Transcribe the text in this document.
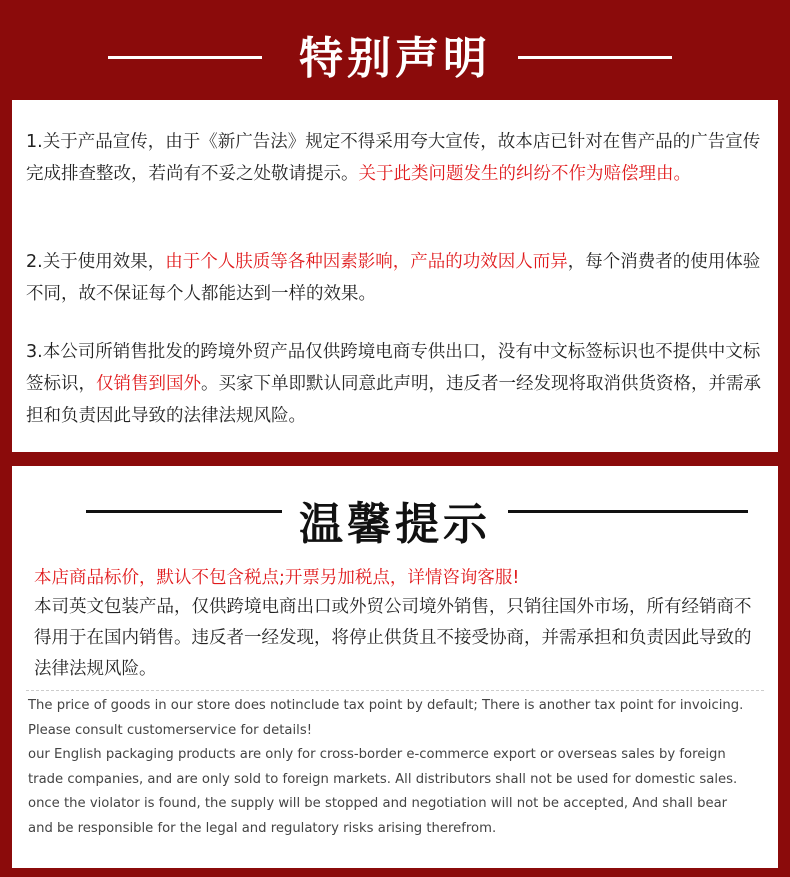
特别声明
1.关于产品宣传，由于《新广告法》规定不得采用夸大宣传，故本店已针对在售产品的广告宣传完成排查整改，若尚有不妥之处敬请提示。关于此类问题发生的纠纷不作为赔偿理由。
2.关于使用效果，由于个人肤质等各种因素影响，产品的功效因人而异，每个消费者的使用体验不同，故不保证每个人都能达到一样的效果。
3.本公司所销售批发的跨境外贸产品仅供跨境电商专供出口，没有中文标签标识也不提供中文标签标识，仅销售到国外。买家下单即默认同意此声明，违反者一经发现将取消供货资格，并需承担和负责因此导致的法律法规风险。
温馨提示
本店商品标价，默认不包含税点;开票另加税点，详情咨询客服!
本司英文包装产品，仅供跨境电商出口或外贸公司境外销售，只销往国外市场，所有经销商不得用于在国内销售。违反者一经发现，将停止供货且不接受协商，并需承担和负责因此导致的法律法规风险。
The price of goods in our store does notinclude tax point by default; There is another tax point for invoicing.
Please consult customerservice for details!
our English packaging products are only for cross-border e-commerce export or overseas sales by foreign
trade companies, and are only sold to foreign markets. All distributors shall not be used for domestic sales.
once the violator is found, the supply will be stopped and negotiation will not be accepted, And shall bear
and be responsible for the legal and regulatory risks arising therefrom.
